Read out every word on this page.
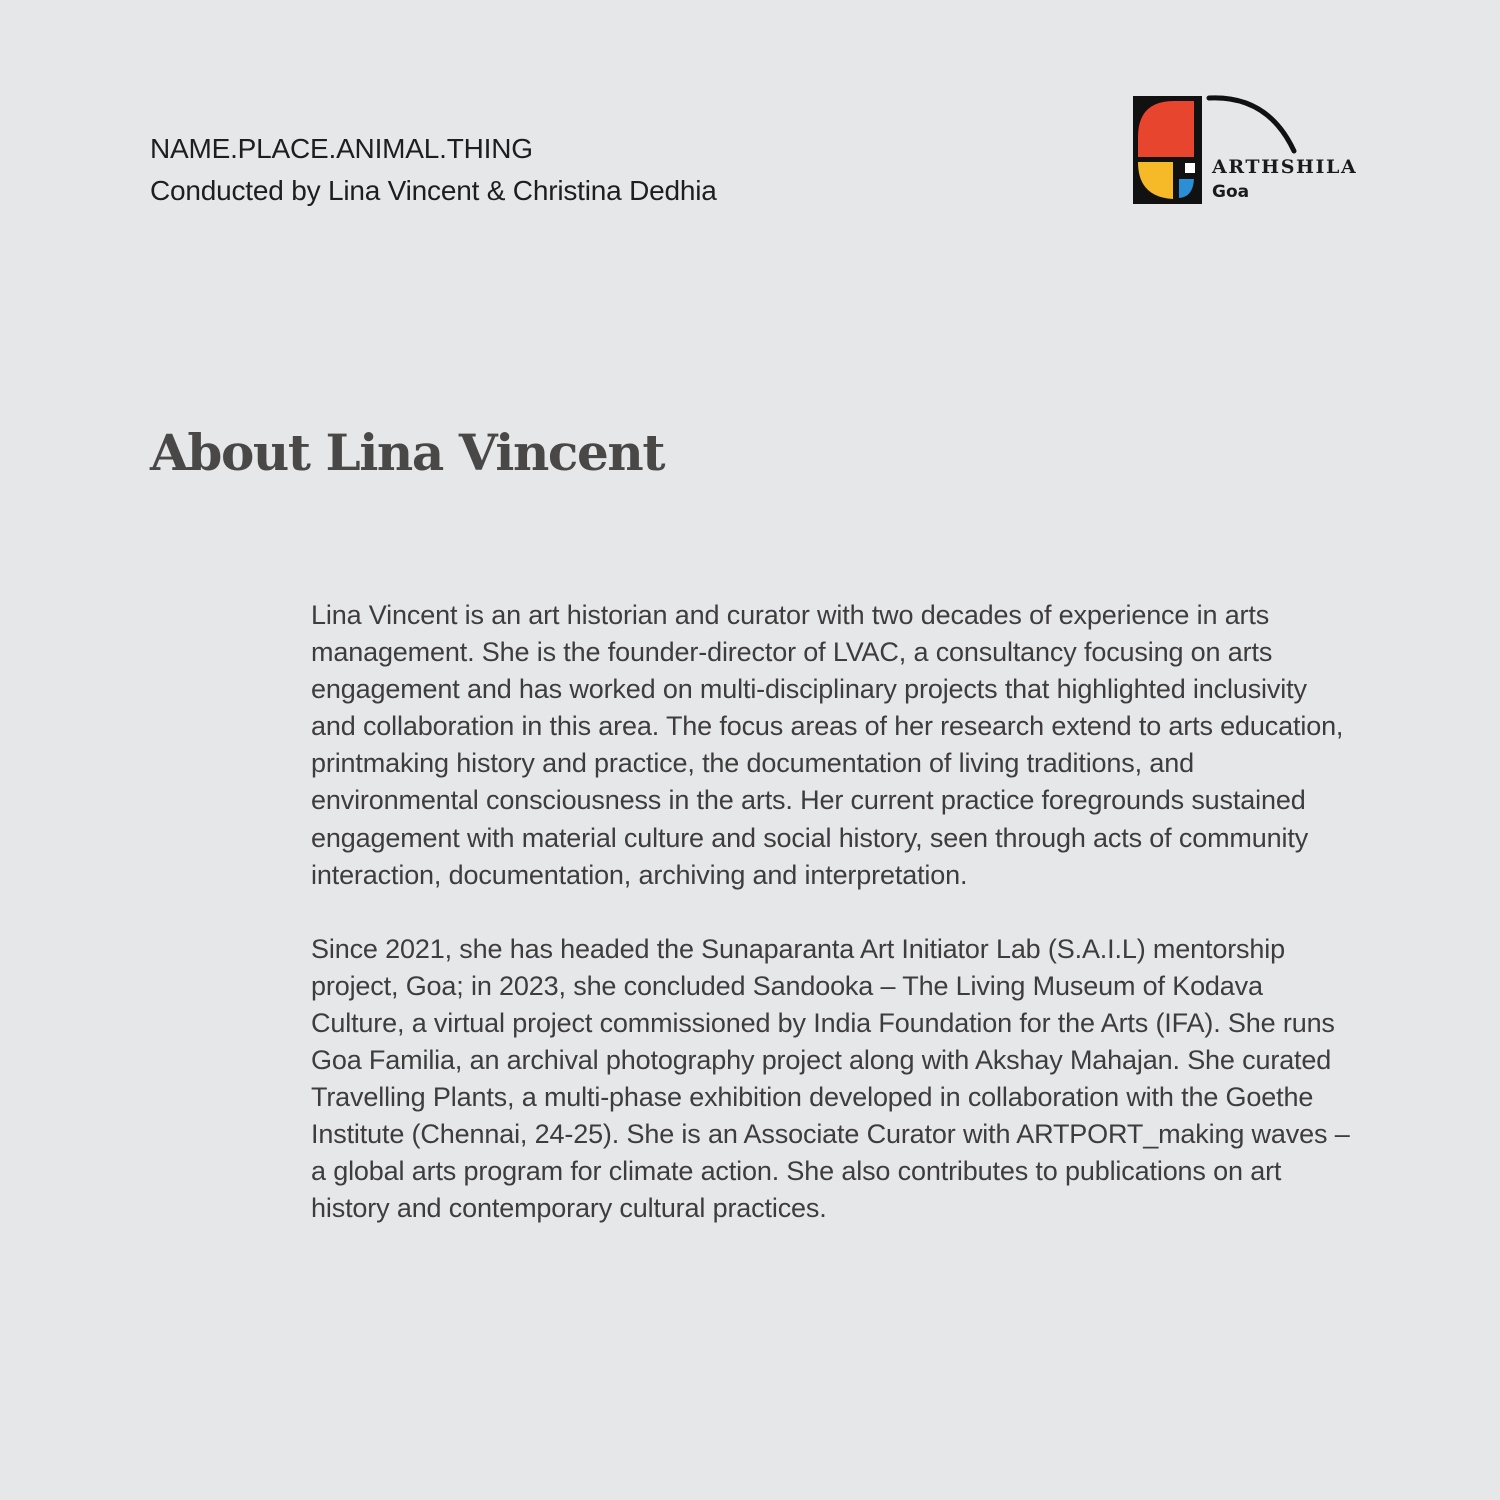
NAME.PLACE.ANIMAL.THING
Conducted by Lina Vincent & Christina Dedhia
ARTHSHILA
Goa
About Lina Vincent

Lina Vincent is an art historian and curator with two decades of experience in arts management. She is the founder-director of LVAC, a consultancy focusing on arts engagement and has worked on multi-disciplinary projects that highlighted inclusivity and collaboration in this area. The focus areas of her research extend to arts education, printmaking history and practice, the documentation of living traditions, and environmental consciousness in the arts. Her current practice foregrounds sustained engagement with material culture and social history, seen through acts of community interaction, documentation, archiving and interpretation.

Since 2021, she has headed the Sunaparanta Art Initiator Lab (S.A.I.L) mentorship project, Goa; in 2023, she concluded Sandooka – The Living Museum of Kodava Culture, a virtual project commissioned by India Foundation for the Arts (IFA). She runs Goa Familia, an archival photography project along with Akshay Mahajan. She curated Travelling Plants, a multi-phase exhibition developed in collaboration with the Goethe Institute (Chennai, 24-25). She is an Associate Curator with ARTPORT_making waves – a global arts program for climate action. She also contributes to publications on art history and contemporary cultural practices.
